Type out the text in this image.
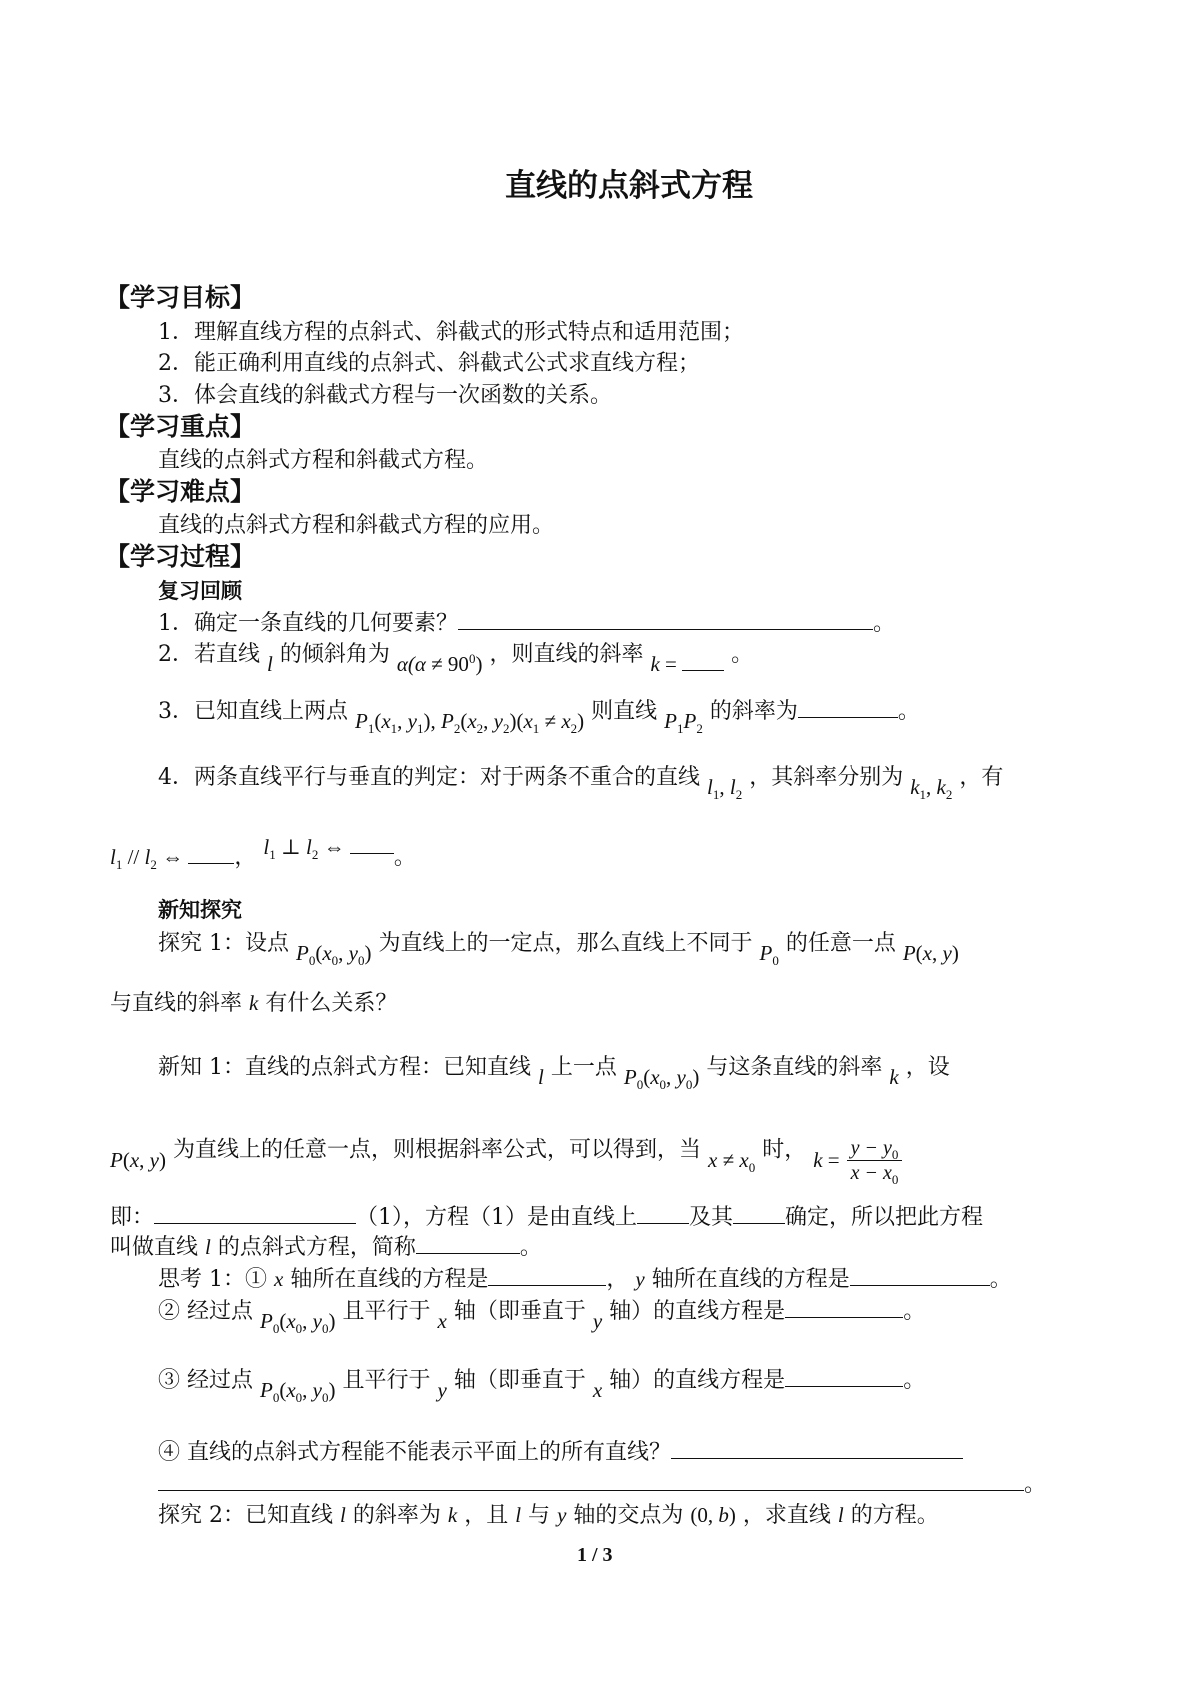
直线的点斜式方程
【学习目标】
1．理解直线方程的点斜式、斜截式的形式特点和适用范围；
2．能正确利用直线的点斜式、斜截式公式求直线方程；
3．体会直线的斜截式方程与一次函数的关系。
【学习重点】
直线的点斜式方程和斜截式方程。
【学习难点】
直线的点斜式方程和斜截式方程的应用。
【学习过程】
复习回顾
1．确定一条直线的几何要素？	。
2．若直线 l 的倾斜角为 $\alpha(\alpha \ne 90^0)$ ，则直线的斜率 k = 。
3．已知直线上两点 $P_1(x_1$, $y_1$), $P_2(x_2$, $y_2)(x_1 \ne x_2)$ 则直线 $P_1P_2$ 的斜率为	。
4．两条直线平行与垂直的判定：对于两条不重合的直线 $l_1$, $l_2$ ，其斜率分别为 $k_1$, $k_2$ ，有
$l_1 // l_2$ ⇔ ， $l_1$ ⊥ $l_2$ ⇔ 。
新知探究
探究 1：设点 $P_0(x_0$, $y_0$) 为直线上的一定点，那么直线上不同于 $P_0$ 的任意一点 P(x, y)
与直线的斜率 k 有什么关系？
新知 1：直线的点斜式方程：已知直线 l 上一点 $P_0(x_0$, $y_0$) 与这条直线的斜率 k ，设
P(x, y) 为直线上的任意一点，则根据斜率公式，可以得到，当 $x \ne x_0$ 时， $k = \frac{y - y_0}{x - x_0}$
即：	（1），方程（1）是由直线上 及其 确定，所以把此方程
叫做直线 l 的点斜式方程，简称	。
思考 1：① x 轴所在直线的方程是	， y 轴所在直线的方程是	。
② 经过点 $P_0(x_0$, $y_0$) 且平行于 x 轴（即垂直于 y 轴）的直线方程是	。
③ 经过点 $P_0(x_0$, $y_0$) 且平行于 y 轴（即垂直于 x 轴）的直线方程是	。
④ 直线的点斜式方程能不能表示平面上的所有直线？
。
探究 2：已知直线 l 的斜率为 k ，且 l 与 y 轴的交点为 (0, b) ，求直线 l 的方程。
1 / 3
